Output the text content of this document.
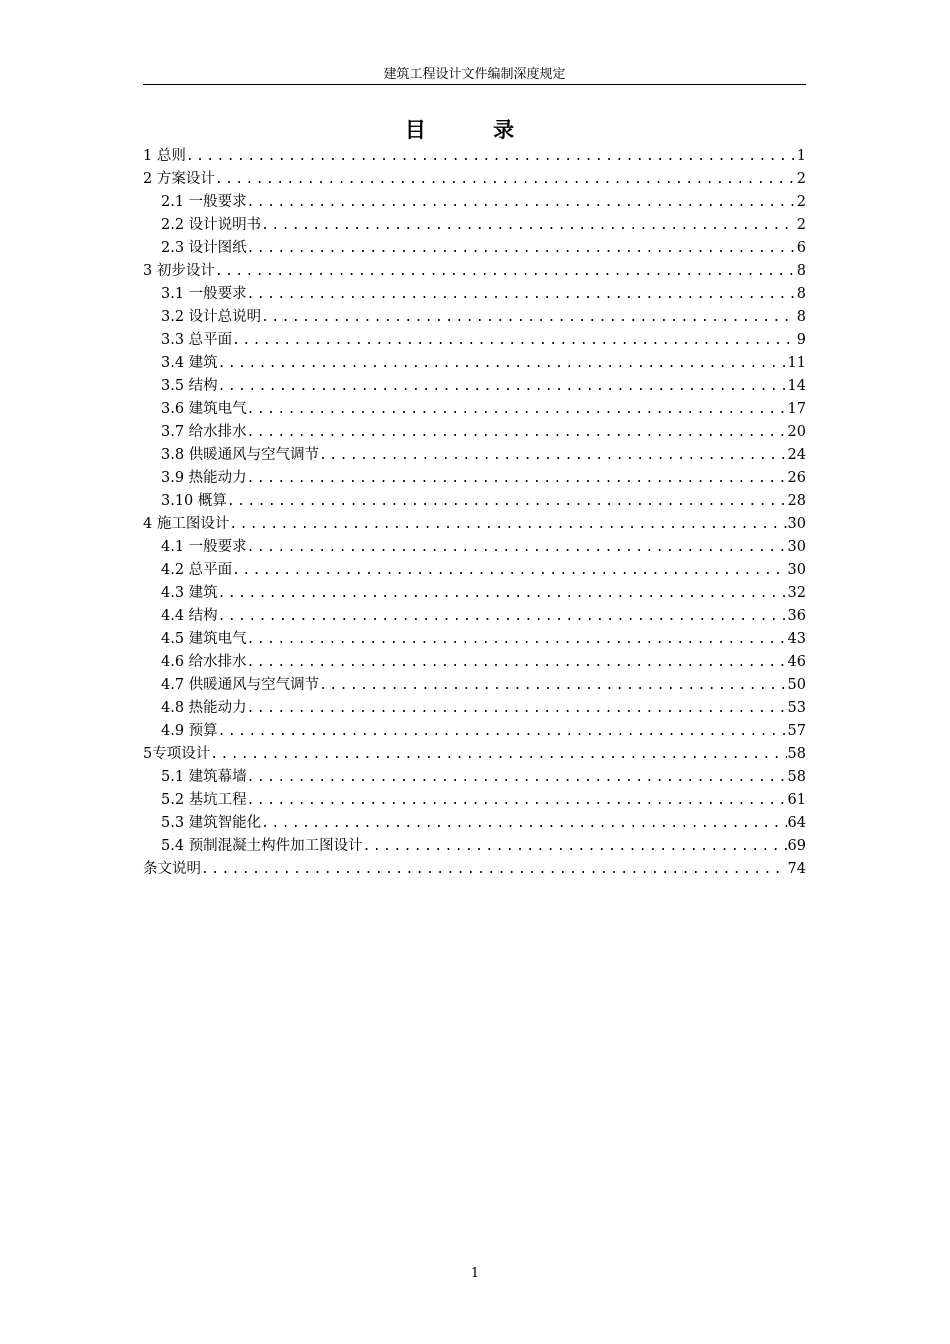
建筑工程设计文件编制深度规定
目 录
1 总则 .....	1
2 方案设计 .....	2
2.1 一般要求 .....	2
2.2 设计说明书 .....	2
2.3 设计图纸 .....	6
3 初步设计 .....	8
3.1 一般要求 .....	8
3.2 设计总说明 .....	8
3.3 总平面 .....	9
3.4 建筑 .....	11
3.5 结构 .....	14
3.6 建筑电气 .....	17
3.7 给水排水 .....	20
3.8 供暖通风与空气调节 .....	24
3.9 热能动力 .....	26
3.10 概算 .....	28
4 施工图设计 .....	30
4.1 一般要求 .....	30
4.2 总平面 .....	30
4.3 建筑 .....	32
4.4 结构 .....	36
4.5 建筑电气 .....	43
4.6 给水排水 .....	46
4.7 供暖通风与空气调节 .....	50
4.8 热能动力 .....	53
4.9 预算 .....	57
5专项设计 .....	58
5.1 建筑幕墙 .....	58
5.2 基坑工程 .....	61
5.3 建筑智能化 .....	64
5.4 预制混凝土构件加工图设计 .....	69
条文说明 .....	74
1
